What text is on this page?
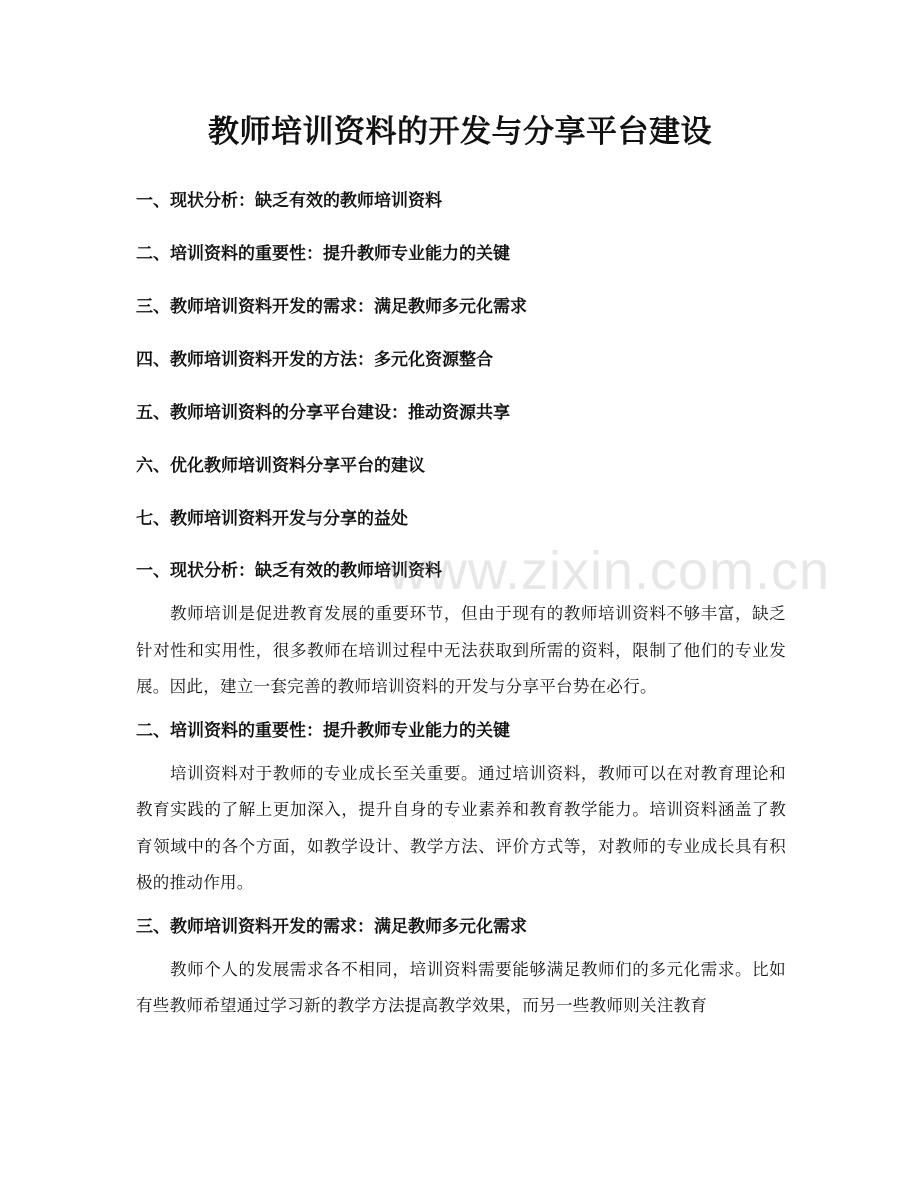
教师培训资料的开发与分享平台建设
一、现状分析：缺乏有效的教师培训资料
二、培训资料的重要性：提升教师专业能力的关键
三、教师培训资料开发的需求：满足教师多元化需求
四、教师培训资料开发的方法：多元化资源整合
五、教师培训资料的分享平台建设：推动资源共享
六、优化教师培训资料分享平台的建议
七、教师培训资料开发与分享的益处
一、现状分析：缺乏有效的教师培训资料

教师培训是促进教育发展的重要环节，但由于现有的教师培训资料不够丰富，缺乏针对性和实用性，很多教师在培训过程中无法获取到所需的资料，限制了他们的专业发展。因此，建立一套完善的教师培训资料的开发与分享平台势在必行。

二、培训资料的重要性：提升教师专业能力的关键

培训资料对于教师的专业成长至关重要。通过培训资料，教师可以在对教育理论和教育实践的了解上更加深入，提升自身的专业素养和教育教学能力。培训资料涵盖了教育领域中的各个方面，如教学设计、教学方法、评价方式等，对教师的专业成长具有积极的推动作用。

三、教师培训资料开发的需求：满足教师多元化需求

教师个人的发展需求各不相同，培训资料需要能够满足教师们的多元化需求。比如有些教师希望通过学习新的教学方法提高教学效果，而另一些教师则关注教育

www.zixin.com.cn
